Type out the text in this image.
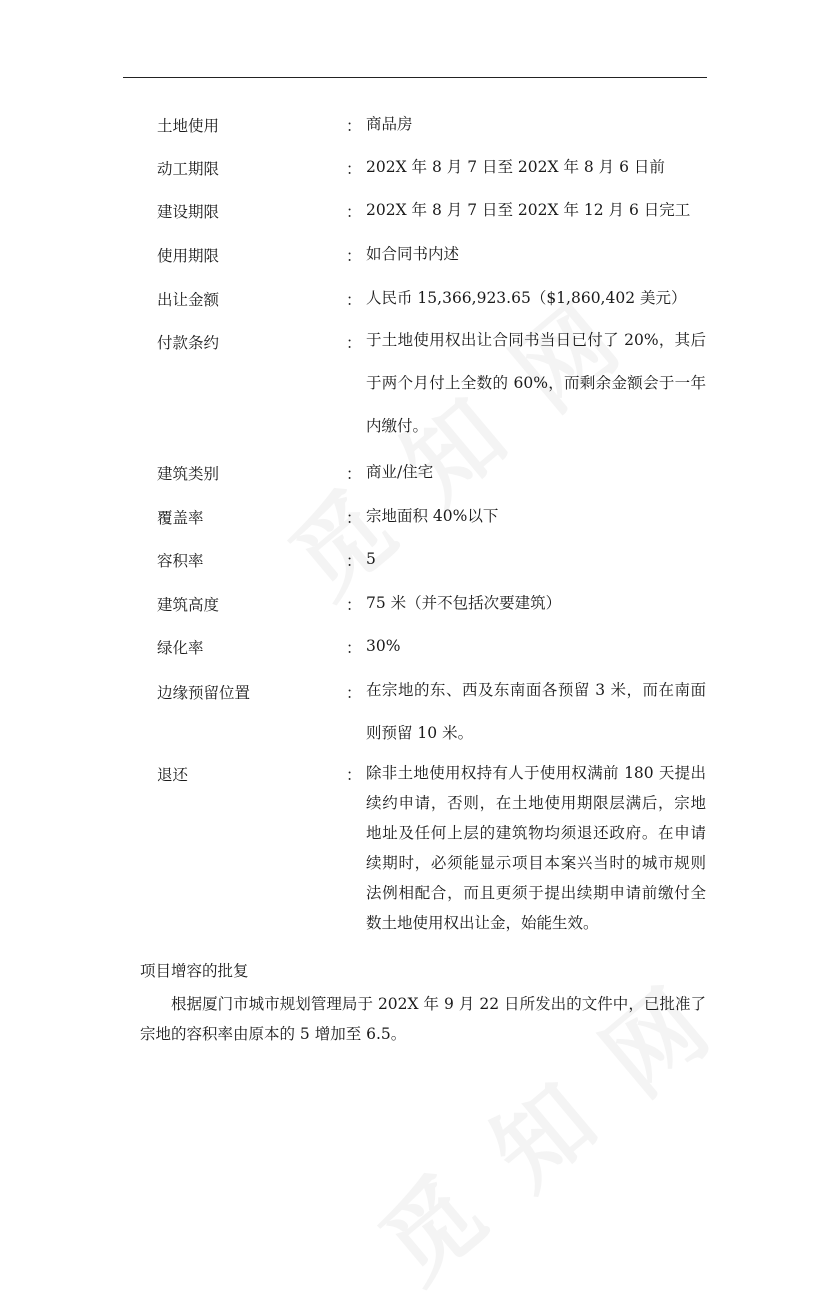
土地使用	： 商品房
动工期限	： 202X 年 8 月 7 日至 202X 年 8 月 6 日前
建设期限	： 202X 年 8 月 7 日至 202X 年 12 月 6 日完工
使用期限	： 如合同书内述
出让金额	： 人民币 15,366,923.65（$1,860,402 美元）
付款条约	： 于土地使用权出让合同书当日已付了 20%，其后于两个月付上全数的 60%，而剩余金额会于一年内缴付。
建筑类别	： 商业/住宅
覆盖率	： 宗地面积 40%以下
容积率	： 5
建筑高度	： 75 米（并不包括次要建筑）
绿化率	： 30%
边缘预留位置	： 在宗地的东、西及东南面各预留 3 米，而在南面则预留 10 米。
退还	： 除非土地使用权持有人于使用权满前 180 天提出续约申请，否则，在土地使用期限层满后，宗地地址及任何上层的建筑物均须退还政府。在申请续期时，必须能显示项目本案兴当时的城市规则法例相配合，而且更须于提出续期申请前缴付全数土地使用权出让金，始能生效。
项目增容的批复
根据厦门市城市规划管理局于 202X 年 9 月 22 日所发出的文件中，已批准了宗地的容积率由原本的 5 增加至 6.5。
